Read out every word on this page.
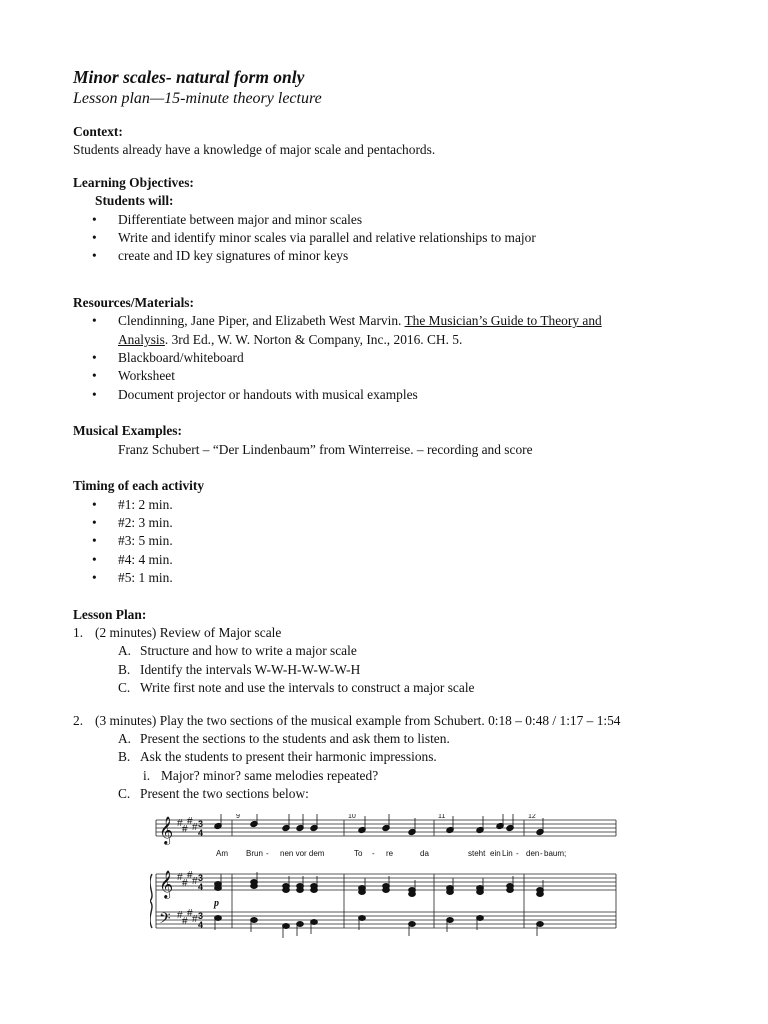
Minor scales- natural form only
Lesson plan—15-minute theory lecture
Context:
Students already have a knowledge of major scale and pentachords.
Learning Objectives:
Students will:
• Differentiate between major and minor scales
• Write and identify minor scales via parallel and relative relationships to major
• create and ID key signatures of minor keys
Resources/Materials:
• Clendinning, Jane Piper, and Elizabeth West Marvin. The Musician’s Guide to Theory and
Analysis. 3rd Ed., W. W. Norton & Company, Inc., 2016. CH. 5.
• Blackboard/whiteboard
• Worksheet
• Document projector or handouts with musical examples
Musical Examples:
Franz Schubert – “Der Lindenbaum” from Winterreise. – recording and score
Timing of each activity
• #1: 2 min.
• #2: 3 min.
• #3: 5 min.
• #4: 4 min.
• #5: 1 min.
Lesson Plan:
1. (2 minutes) Review of Major scale
A. Structure and how to write a major scale
B. Identify the intervals W-W-H-W-W-W-H
C. Write first note and use the intervals to construct a major scale
2. (3 minutes) Play the two sections of the musical example from Schubert. 0:18 – 0:48 / 1:17 – 1:54
A. Present the sections to the students and ask them to listen.
B. Ask the students to present their harmonic impressions.
i. Major? minor? same melodies repeated?
C. Present the two sections below:
𝄞
𝄞
𝄢
#
#
#
# 3
4
#
#
#
# 3
4
#
#
#
# 3
4
9	10	11	12
Am Brun - nen vor dem	To - re	da	steht ein Lin - den - baum;
p
